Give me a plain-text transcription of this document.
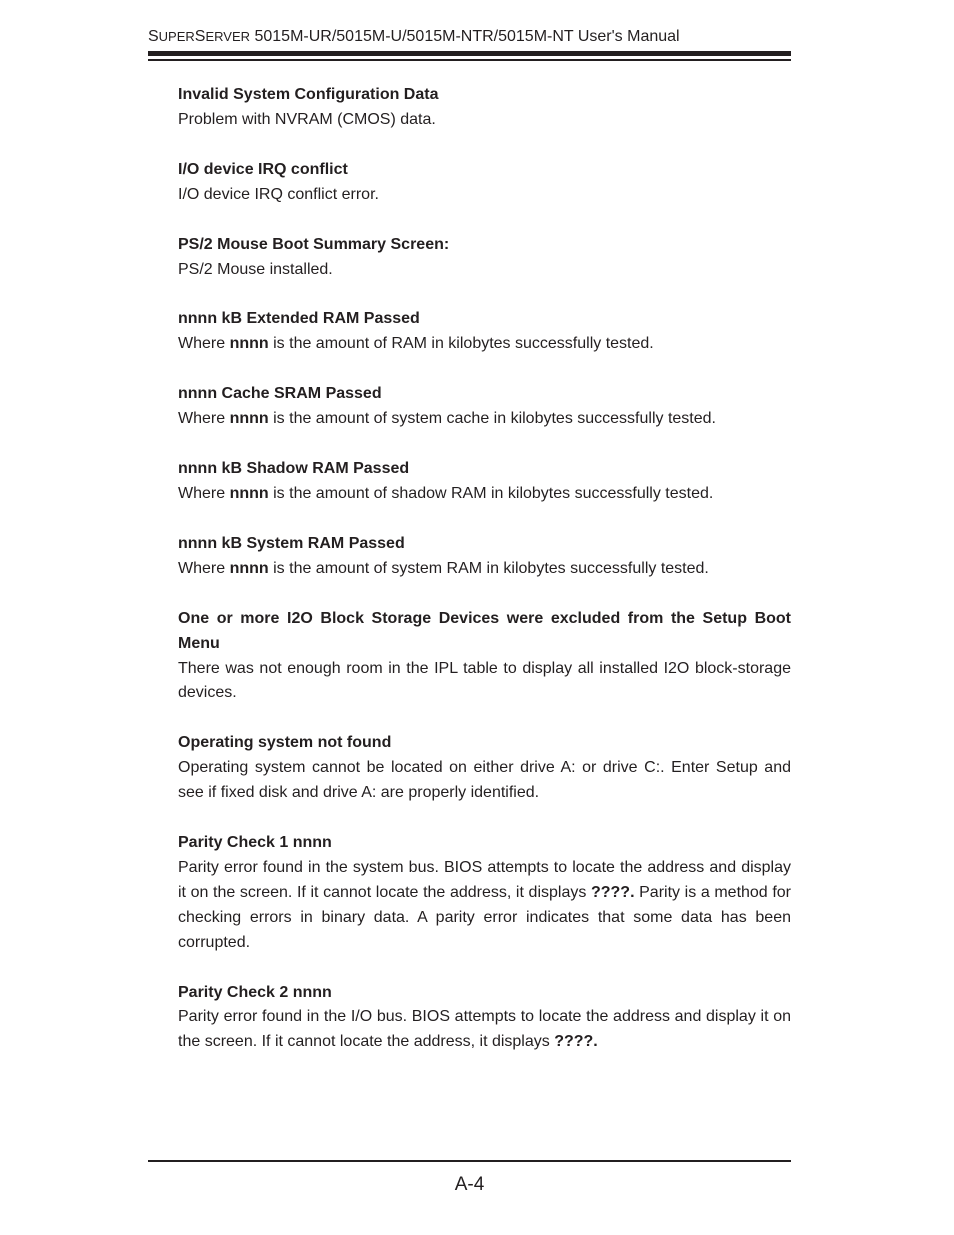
SUPERSERVER 5015M-UR/5015M-U/5015M-NTR/5015M-NT User's Manual

Invalid System Configuration Data

Problem with NVRAM (CMOS) data.

I/O device IRQ conflict

I/O device IRQ conflict error.

PS/2 Mouse Boot Summary Screen:

PS/2 Mouse installed.

nnnn kB Extended RAM Passed

Where nnnn is the amount of RAM in kilobytes successfully tested.

nnnn Cache SRAM Passed

Where nnnn is the amount of system cache in kilobytes successfully tested.

nnnn kB Shadow RAM Passed

Where nnnn is the amount of shadow RAM in kilobytes successfully tested.

nnnn kB System RAM Passed

Where nnnn is the amount of system RAM in kilobytes successfully tested.

One or more I2O Block Storage Devices were excluded from the Setup Boot Menu

There was not enough room in the IPL table to display all installed I2O block-storage devices.

Operating system not found

Operating system cannot be located on either drive A: or drive C:. Enter Setup and see if fixed disk and drive A: are properly identified.

Parity Check 1 nnnn

Parity error found in the system bus. BIOS attempts to locate the address and display it on the screen. If it cannot locate the address, it displays ????. Parity is a method for checking errors in binary data. A parity error indicates that some data has been corrupted.

Parity Check 2 nnnn

Parity error found in the I/O bus. BIOS attempts to locate the address and display it on the screen. If it cannot locate the address, it displays ????.

A-4
